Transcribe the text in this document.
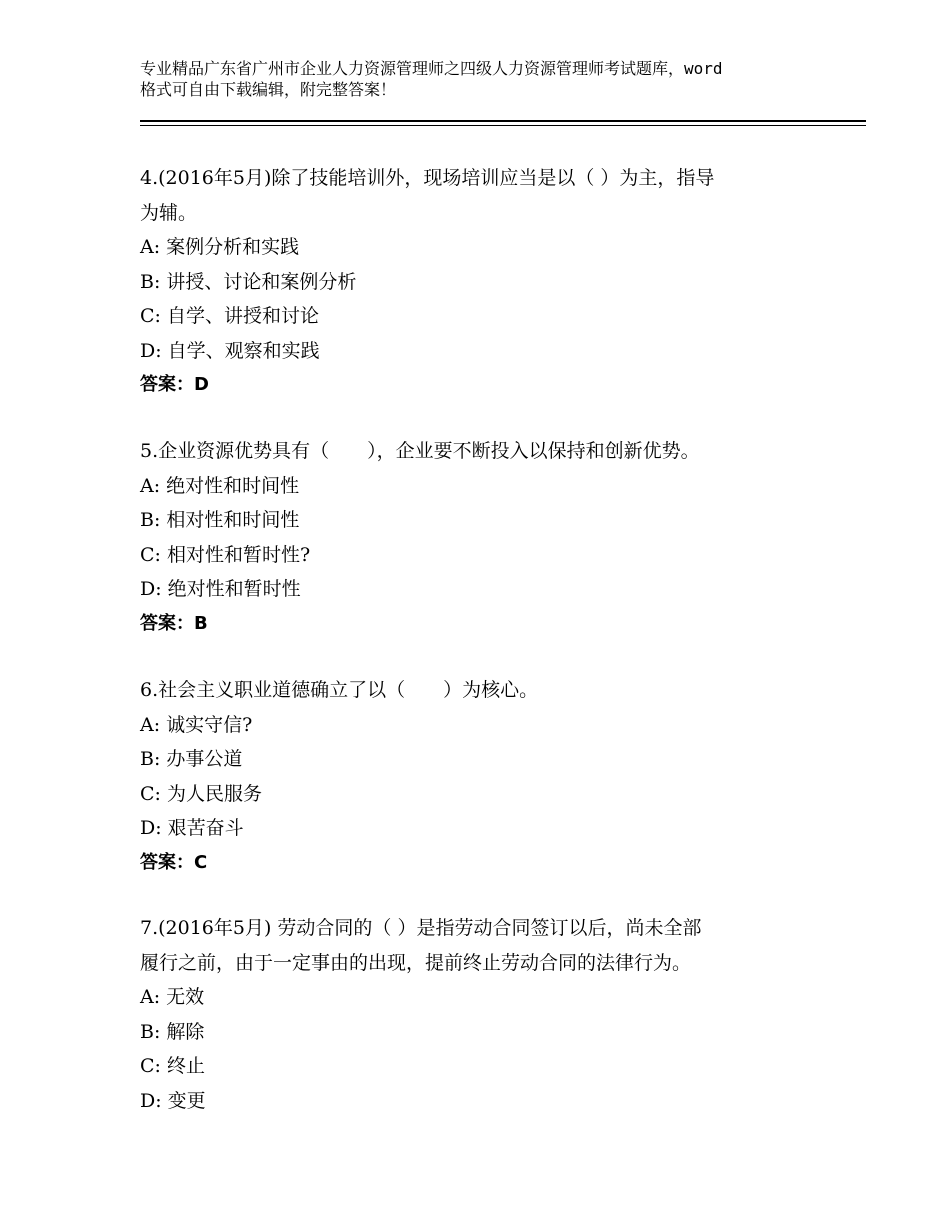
专业精品广东省广州市企业人力资源管理师之四级人力资源管理师考试题库，word
格式可自由下载编辑，附完整答案！
4.(2016年5月)除了技能培训外，现场培训应当是以（ ）为主，指导
为辅。
A: 案例分析和实践
B: 讲授、讨论和案例分析
C: 自学、讲授和讨论
D: 自学、观察和实践
答案：D
5.企业资源优势具有（　　），企业要不断投入以保持和创新优势。
A: 绝对性和时间性
B: 相对性和时间性
C: 相对性和暂时性?
D: 绝对性和暂时性
答案：B
6.社会主义职业道德确立了以（　　）为核心。
A: 诚实守信?
B: 办事公道
C: 为人民服务
D: 艰苦奋斗
答案：C
7.(2016年5月) 劳动合同的（ ）是指劳动合同签订以后，尚未全部
履行之前，由于一定事由的出现，提前终止劳动合同的法律行为。
A: 无效
B: 解除
C: 终止
D: 变更
